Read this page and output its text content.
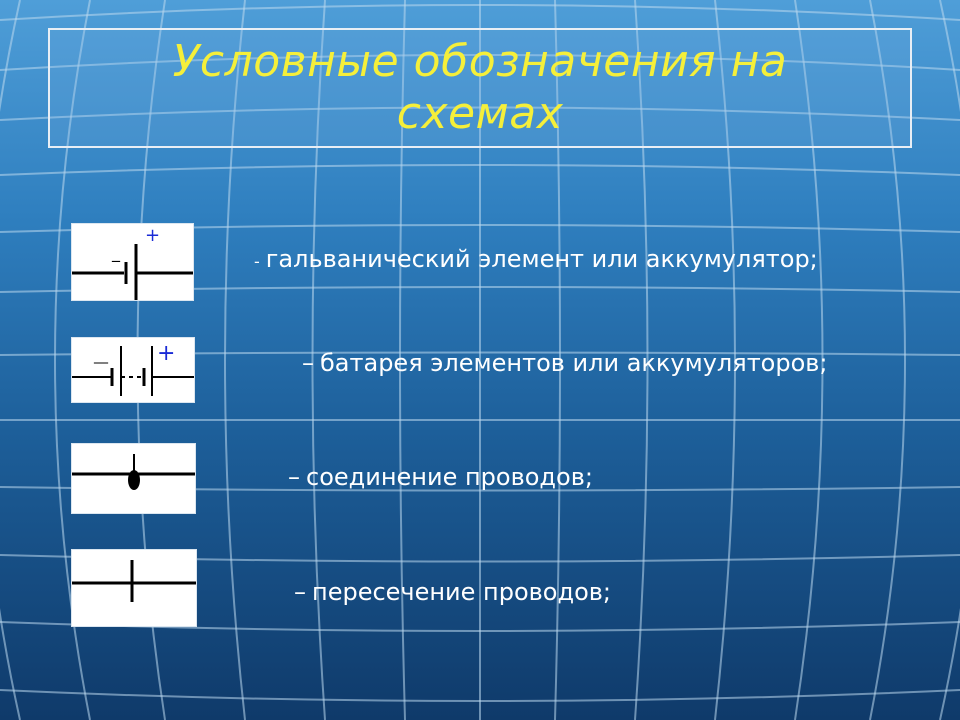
Условные обозначения на
схемах
_
+
__ +
- гальванический элемент или аккумулятор;
– батарея элементов или аккумуляторов;
– соединение проводов;
– пересечение проводов;
